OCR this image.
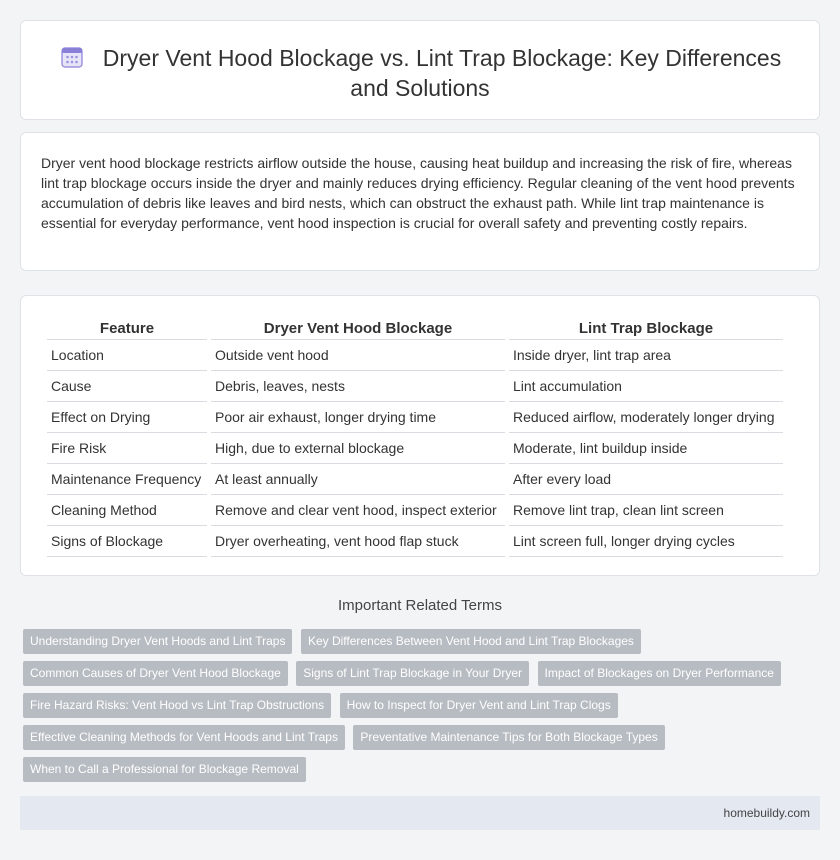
Dryer Vent Hood Blockage vs. Lint Trap Blockage: Key Differences and Solutions

Dryer vent hood blockage restricts airflow outside the house, causing heat buildup and increasing the risk of fire, whereas lint trap blockage occurs inside the dryer and mainly reduces drying efficiency. Regular cleaning of the vent hood prevents accumulation of debris like leaves and bird nests, which can obstruct the exhaust path. While lint trap maintenance is essential for everyday performance, vent hood inspection is crucial for overall safety and preventing costly repairs.

Feature	Dryer Vent Hood Blockage	Lint Trap Blockage
Location	Outside vent hood	Inside dryer, lint trap area
Cause	Debris, leaves, nests	Lint accumulation
Effect on Drying	Poor air exhaust, longer drying time	Reduced airflow, moderately longer drying
Fire Risk	High, due to external blockage	Moderate, lint buildup inside
Maintenance Frequency	At least annually	After every load
Cleaning Method	Remove and clear vent hood, inspect exterior	Remove lint trap, clean lint screen
Signs of Blockage	Dryer overheating, vent hood flap stuck	Lint screen full, longer drying cycles
Important Related Terms
Understanding Dryer Vent Hoods and Lint Traps Key Differences Between Vent Hood and Lint Trap Blockages
Common Causes of Dryer Vent Hood Blockage Signs of Lint Trap Blockage in Your Dryer Impact of Blockages on Dryer Performance
Fire Hazard Risks: Vent Hood vs Lint Trap Obstructions How to Inspect for Dryer Vent and Lint Trap Clogs
Effective Cleaning Methods for Vent Hoods and Lint Traps Preventative Maintenance Tips for Both Blockage Types
When to Call a Professional for Blockage Removal
homebuildy.com
